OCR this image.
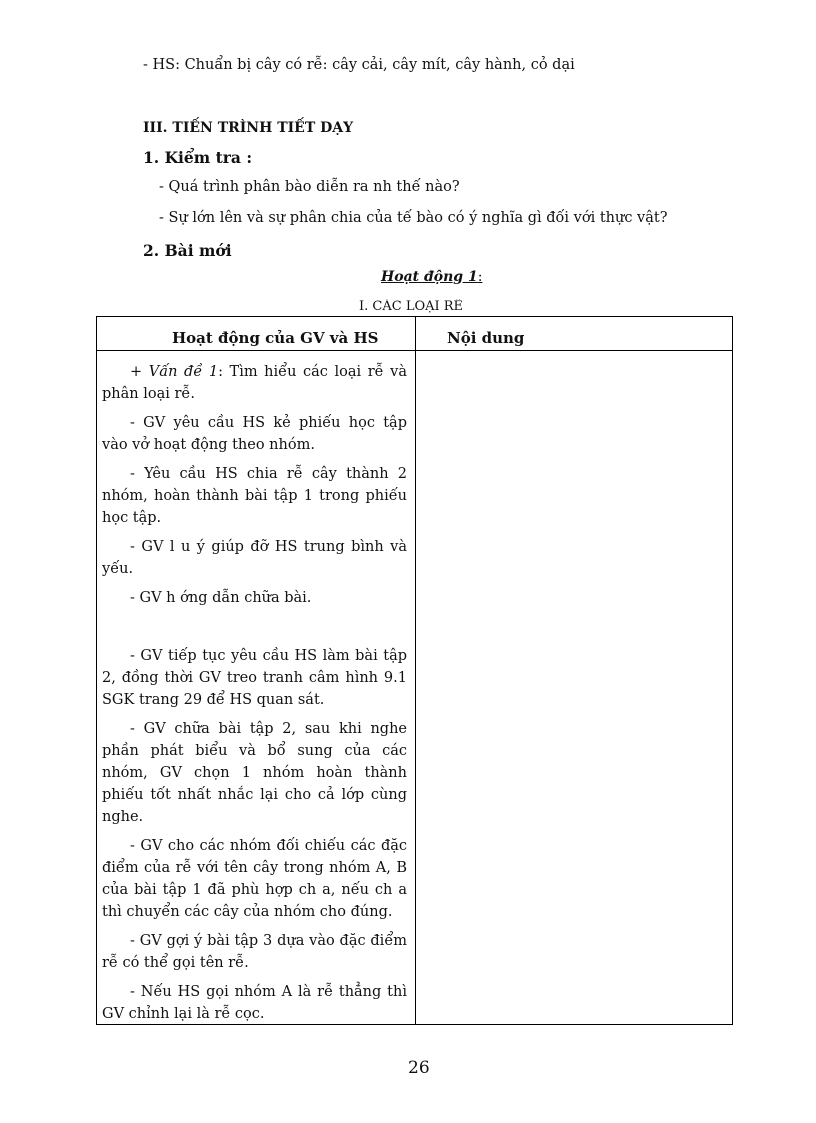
- HS: Chuẩn bị cây có rễ: cây cải, cây mít, cây hành, cỏ dại
III. TIẾN TRÌNH TIẾT DẠY
1. Kiểm tra :
- Quá trình phân bào diễn ra nh thế nào?
- Sự lớn lên và sự phân chia của tế bào có ý nghĩa gì đối với thực vật?
2. Bài mới
Hoạt động 1:
I. CÁC LOẠI RỄ
Hoạt động của GV và HS	Nội dung

+ Vấn đề 1: Tìm hiểu các loại rễ và phân loại rễ.

- GV yêu cầu HS kẻ phiếu học tập vào vở hoạt động theo nhóm.

- Yêu cầu HS chia rễ cây thành 2 nhóm, hoàn thành bài tập 1 trong phiếu học tập.

- GV l u ý giúp đỡ HS trung bình và yếu.

- GV h ớng dẫn chữa bài.

- GV tiếp tục yêu cầu HS làm bài tập 2, đồng thời GV treo tranh câm hình 9.1 SGK trang 29 để HS quan sát.

- GV chữa bài tập 2, sau khi nghe phần phát biểu và bổ sung của các nhóm, GV chọn 1 nhóm hoàn thành phiếu tốt nhất nhắc lại cho cả lớp cùng nghe.

- GV cho các nhóm đối chiếu các đặc điểm của rễ với tên cây trong nhóm A, B của bài tập 1 đã phù hợp ch a, nếu ch a thì chuyển các cây của nhóm cho đúng.

- GV gợi ý bài tập 3 dựa vào đặc điểm rễ có thể gọi tên rễ.

- Nếu HS gọi nhóm A là rễ thẳng thì GV chỉnh lại là rễ cọc.

26
